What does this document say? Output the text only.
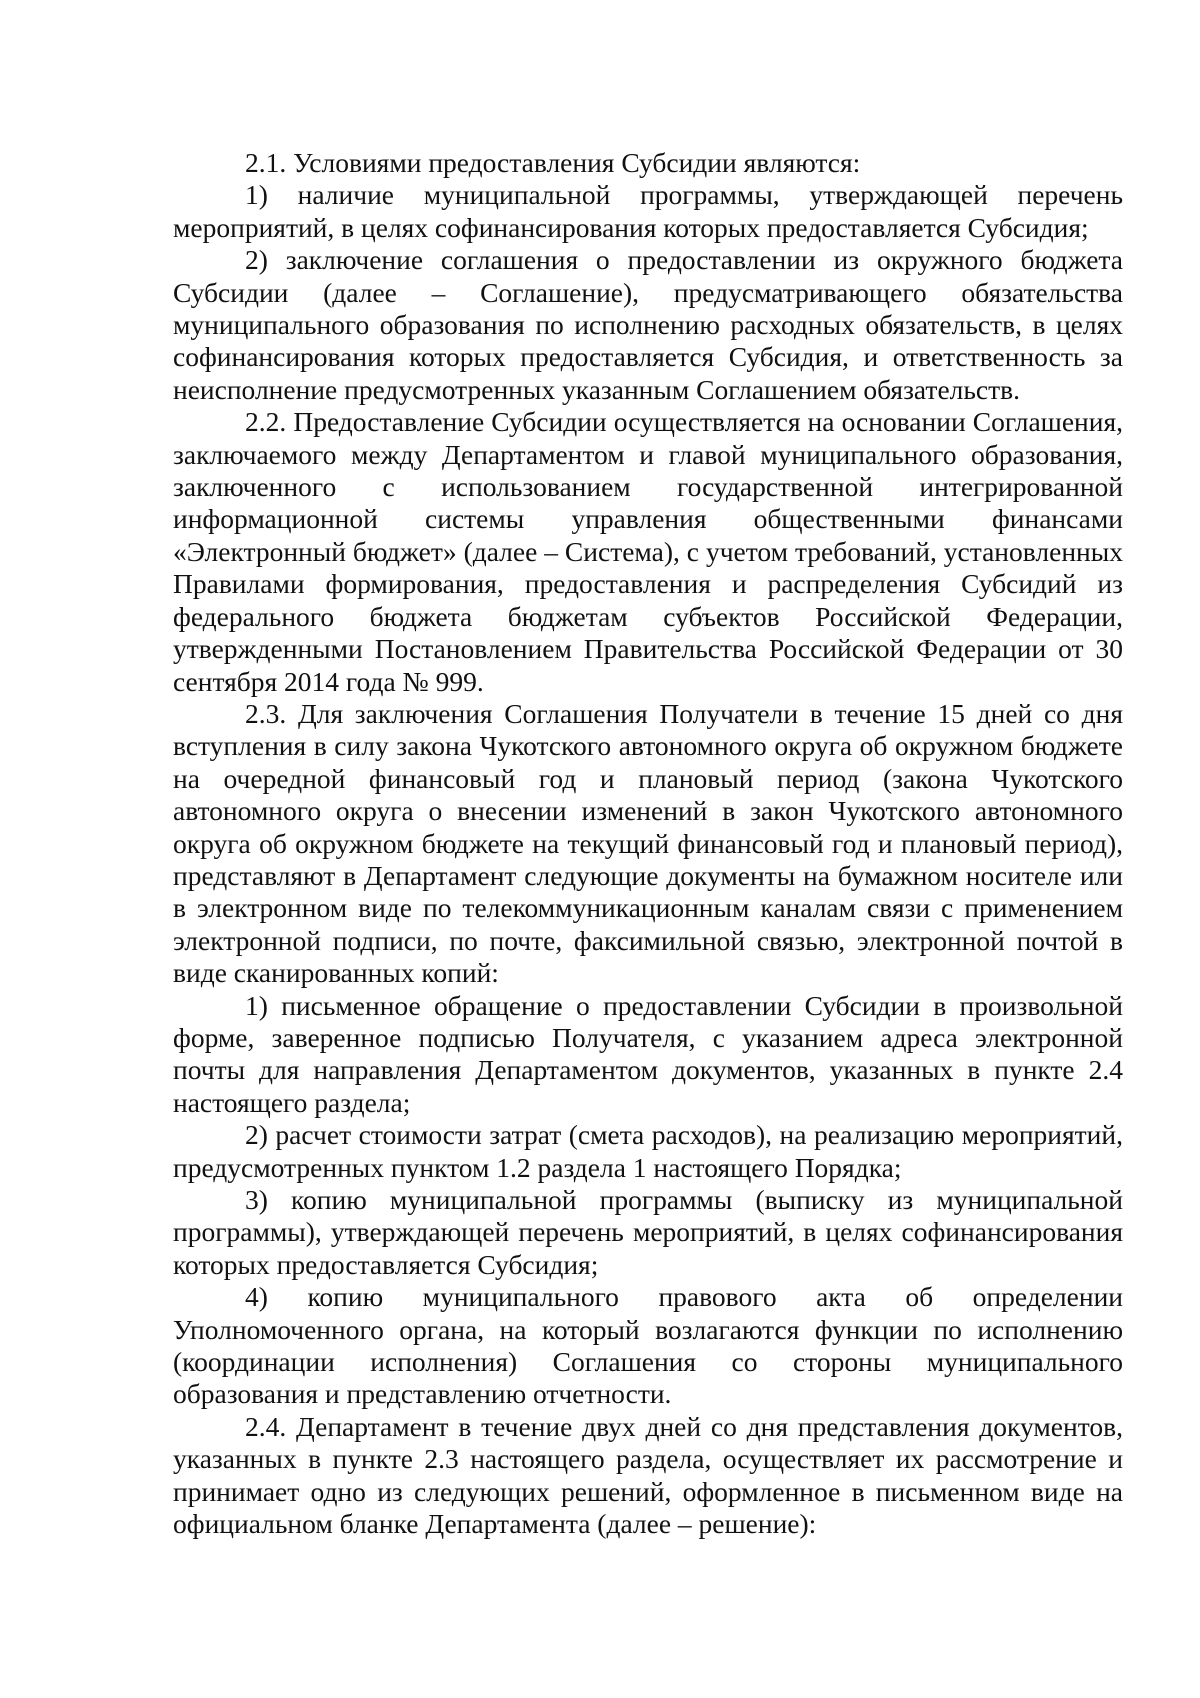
2.1. Условиями предоставления Субсидии являются:

1) наличие муниципальной программы, утверждающей перечень мероприятий, в целях софинансирования которых предоставляется Субсидия;

2) заключение соглашения о предоставлении из окружного бюджета Субсидии (далее – Соглашение), предусматривающего обязательства муниципального образования по исполнению расходных обязательств, в целях софинансирования которых предоставляется Субсидия, и ответственность за неисполнение предусмотренных указанным Соглашением обязательств.

2.2. Предоставление Субсидии осуществляется на основании Соглашения, заключаемого между Департаментом и главой муниципального образования, заключенного с использованием государственной интегрированной информационной системы управления общественными финансами «Электронный бюджет» (далее – Система), с учетом требований, установленных Правилами формирования, предоставления и распределения Субсидий из федерального бюджета бюджетам субъектов Российской Федерации, утвержденными Постановлением Правительства Российской Федерации от 30 сентября 2014 года № 999.

2.3. Для заключения Соглашения Получатели в течение 15 дней со дня вступления в силу закона Чукотского автономного округа об окружном бюджете на очередной финансовый год и плановый период (закона Чукотского автономного округа о внесении изменений в закон Чукотского автономного округа об окружном бюджете на текущий финансовый год и плановый период), представляют в Департамент следующие документы на бумажном носителе или в электронном виде по телекоммуникационным каналам связи с применением электронной подписи, по почте, факсимильной связью, электронной почтой в виде сканированных копий:

1) письменное обращение о предоставлении Субсидии в произвольной форме, заверенное подписью Получателя, с указанием адреса электронной почты для направления Департаментом документов, указанных в пункте 2.4 настоящего раздела;

2) расчет стоимости затрат (смета расходов), на реализацию мероприятий, предусмотренных пунктом 1.2 раздела 1 настоящего Порядка;

3) копию муниципальной программы (выписку из муниципальной программы), утверждающей перечень мероприятий, в целях софинансирования которых предоставляется Субсидия;

4) копию муниципального правового акта об определении Уполномоченного органа, на который возлагаются функции по исполнению (координации исполнения) Соглашения со стороны муниципального образования и представлению отчетности.

2.4. Департамент в течение двух дней со дня представления документов, указанных в пункте 2.3 настоящего раздела, осуществляет их рассмотрение и принимает одно из следующих решений, оформленное в письменном виде на официальном бланке Департамента (далее – решение):
